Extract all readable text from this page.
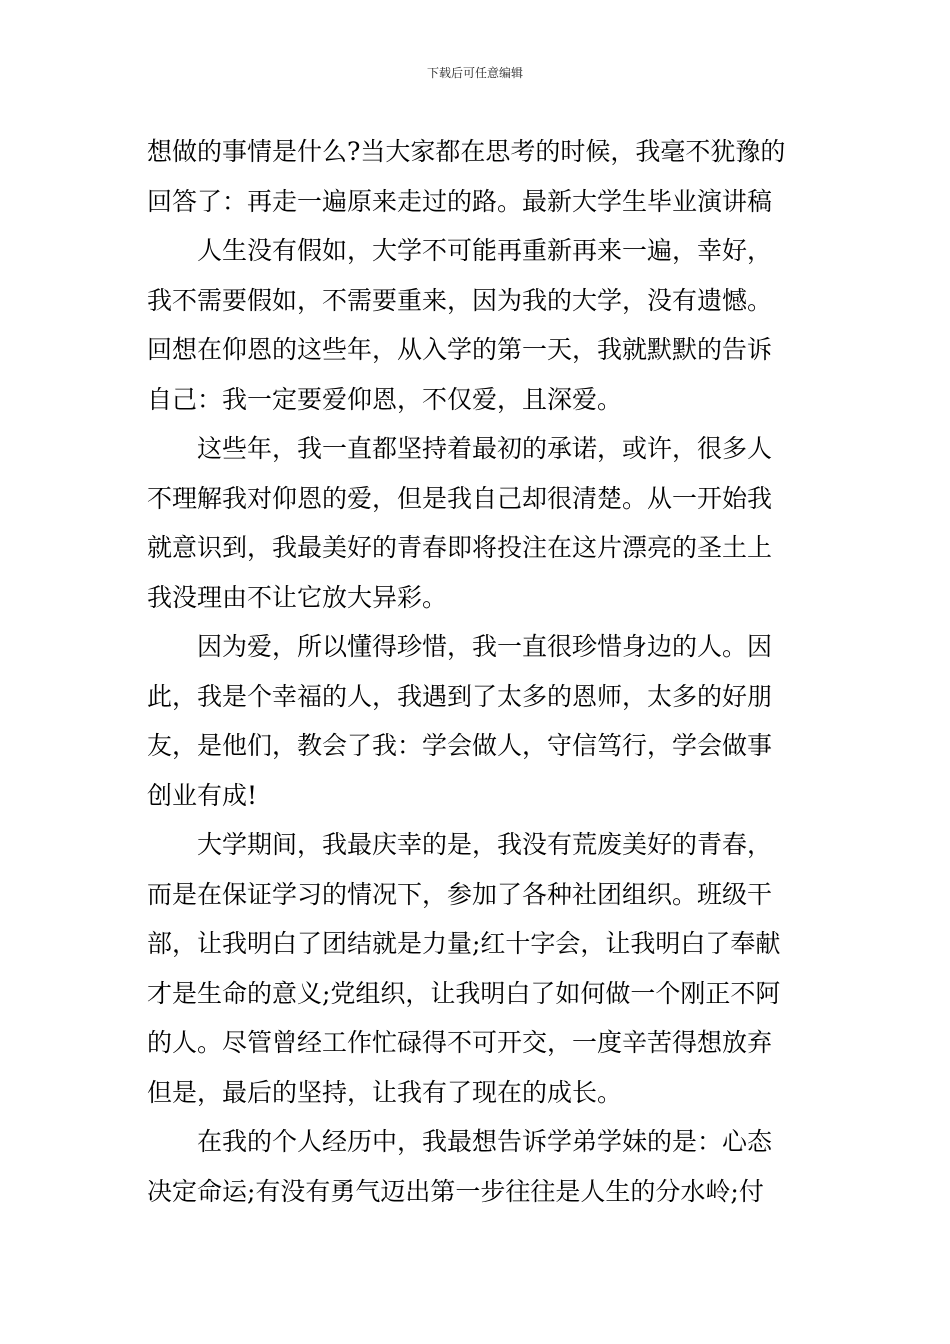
下载后可任意编辑
想做的事情是什么?当大家都在思考的时候，我毫不犹豫的
回答了：再走一遍原来走过的路。最新大学生毕业演讲稿
人生没有假如，大学不可能再重新再来一遍，幸好，
我不需要假如，不需要重来，因为我的大学，没有遗憾。
回想在仰恩的这些年，从入学的第一天，我就默默的告诉
自己：我一定要爱仰恩，不仅爱，且深爱。
这些年，我一直都坚持着最初的承诺，或许，很多人
不理解我对仰恩的爱，但是我自己却很清楚。从一开始我
就意识到，我最美好的青春即将投注在这片漂亮的圣土上
我没理由不让它放大异彩。
因为爱，所以懂得珍惜，我一直很珍惜身边的人。因
此，我是个幸福的人，我遇到了太多的恩师，太多的好朋
友，是他们，教会了我：学会做人，守信笃行，学会做事
创业有成!
大学期间，我最庆幸的是，我没有荒废美好的青春，
而是在保证学习的情况下，参加了各种社团组织。班级干
部，让我明白了团结就是力量;红十字会，让我明白了奉献
才是生命的意义;党组织，让我明白了如何做一个刚正不阿
的人。尽管曾经工作忙碌得不可开交，一度辛苦得想放弃
但是，最后的坚持，让我有了现在的成长。
在我的个人经历中，我最想告诉学弟学妹的是：心态
决定命运;有没有勇气迈出第一步往往是人生的分水岭;付
